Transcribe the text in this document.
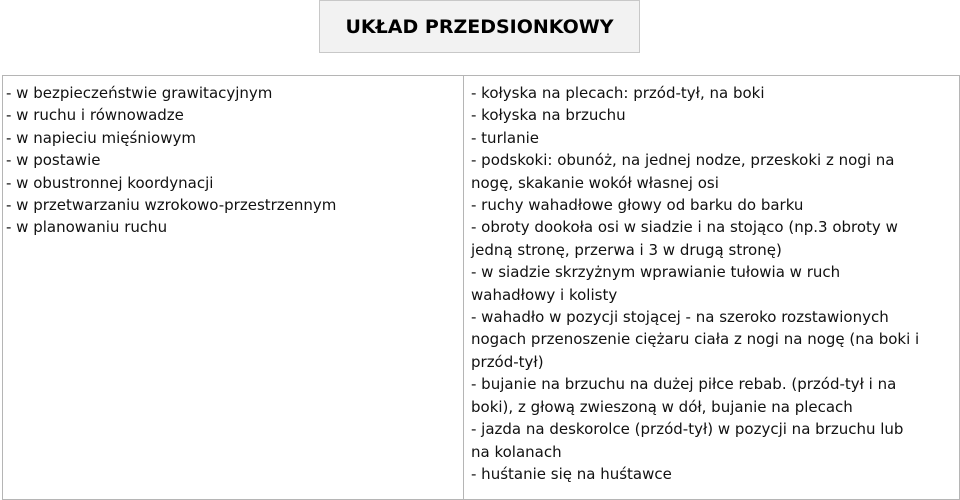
UKŁAD PRZEDSIONKOWY
- w bezpieczeństwie grawitacyjnym
- w ruchu i równowadze
- w napieciu mięśniowym
- w postawie
- w obustronnej koordynacji
- w przetwarzaniu wzrokowo-przestrzennym
- w planowaniu ruchu
- kołyska na plecach: przód-tył, na boki
- kołyska na brzuchu
- turlanie
- podskoki: obunóż, na jednej nodze, przeskoki z nogi na
nogę, skakanie wokół własnej osi
- ruchy wahadłowe głowy od barku do barku
- obroty dookoła osi w siadzie i na stojąco (np.3 obroty w
jedną stronę, przerwa i 3 w drugą stronę)
- w siadzie skrzyżnym wprawianie tułowia w ruch
wahadłowy i kolisty
- wahadło w pozycji stojącej - na szeroko rozstawionych
nogach przenoszenie ciężaru ciała z nogi na nogę (na boki i
przód-tył)
- bujanie na brzuchu na dużej piłce rebab. (przód-tył i na
boki), z głową zwieszoną w dół, bujanie na plecach
- jazda na deskorolce (przód-tył) w pozycji na brzuchu lub
na kolanach
- huśtanie się na huśtawce
